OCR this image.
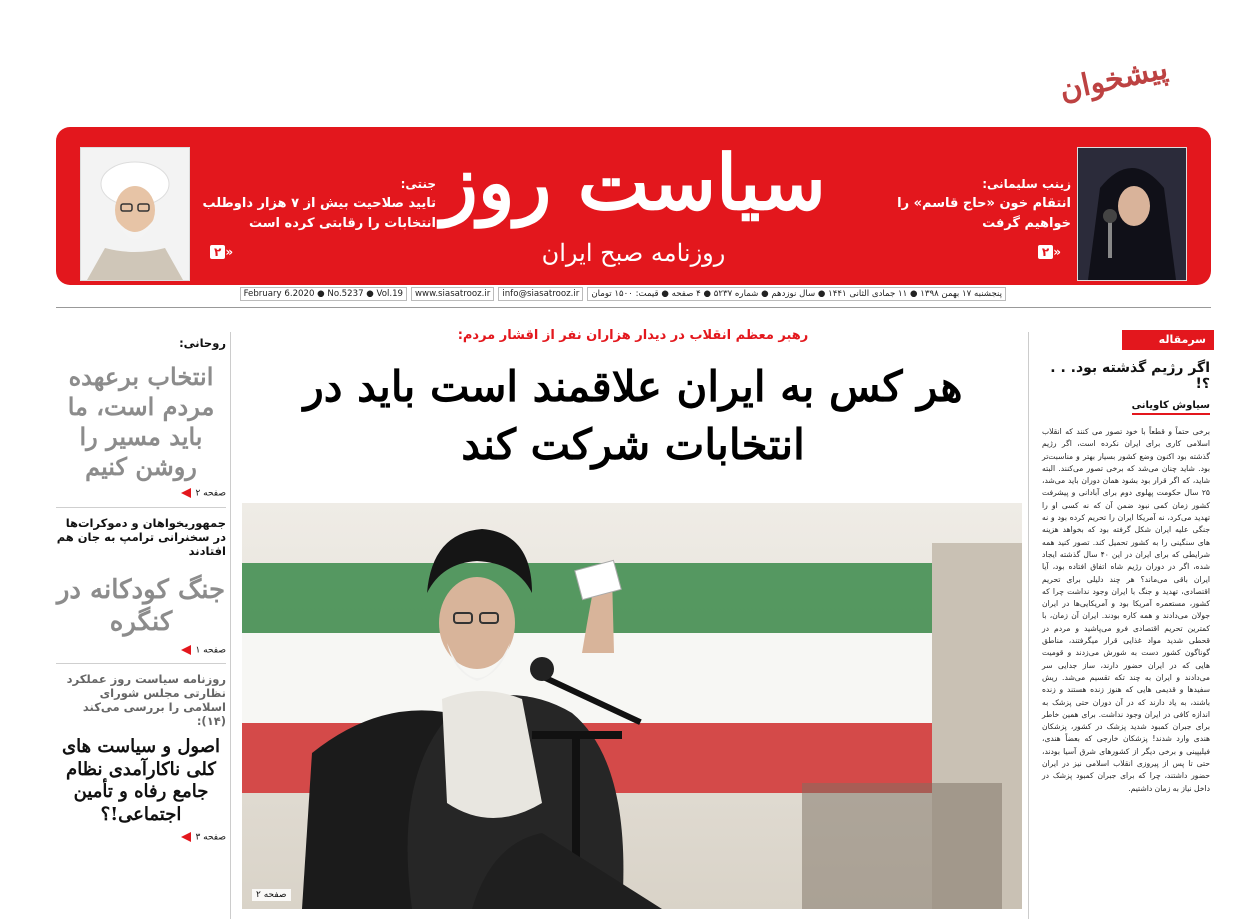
پیشخوان
سیاست روز
روزنامه صبح ایران
جنتی:
تایید صلاحیت بیش از ۷ هزار داوطلب
انتخابات را رقابتی کرده است
۲ »
زینب سلیمانی:
انتقام خون «حاج قاسم» را
خواهیم گرفت
۲ »
پنجشنبه ۱۷ بهمن ۱۳۹۸ ● ۱۱ جمادی الثانی ۱۴۴۱ ● سال نوزدهم ● شماره ۵۲۳۷ ● ۴ صفحه ● قیمت: ۱۵۰۰ تومان
info@siasatrooz.ir
www.siasatrooz.ir
February 6.2020 ● No.5237 ● Vol.19
روحانی:
انتخاب برعهده مردم است، ما باید مسیر را روشن کنیم
صفحه ۲
جمهوریخواهان و دموکرات‌ها در سخنرانی ترامپ به جان هم افتادند
جنگ کودکانه در کنگره
صفحه ۱
روزنامه سیاست روز عملکرد نظارتی مجلس شورای اسلامی را بررسی می‌کند (۱۴):
اصول و سیاست های کلی ناکارآمدی نظام جامع رفاه و تأمین اجتماعی!؟
صفحه ۳
رهبر معظم انقلاب در دیدار هزاران نفر از اقشار مردم:
هر کس به ایران علاقمند است باید در انتخابات شرکت کند
صفحه ۲
سرمقاله
اگر رژیم گذشته بود. . . ؟!
سیاوش کاویانی
برخی حتماً و قطعاً با خود تصور می کنند که انقلاب اسلامی کاری برای ایران نکرده است، اگر رژیم گذشته بود اکنون وضع کشور بسیار بهتر و مناسبت‌تر بود. شاید چنان می‌شد که برخی تصور می‌کنند. البته شاید، که اگر قرار بود بشود همان دوران باید می‌شد، ۲۵ سال حکومت پهلوی دوم برای آبادانی و پیشرفت کشور زمان کمی نبود ضمن آن که نه کسی او را تهدید می‌کرد، نه آمریکا ایران را تحریم کرده بود و نه جنگی علیه ایران شکل گرفته بود که بخواهد هزینه های سنگینی را به کشور تحمیل کند. تصور کنید همه شرایطی که برای ایران در این ۴۰ سال گذشته ایجاد شده، اگر در دوران رژیم شاه اتفاق افتاده بود، آیا ایران باقی می‌ماند؟ هر چند دلیلی برای تحریم اقتصادی، تهدید و جنگ با ایران وجود نداشت چرا که کشور، مستعمره آمریکا بود و آمریکایی‌ها در ایران جولان می‌دادند و همه کاره بودند. ایران آن زمان، با کمترین تحریم اقتصادی فرو می‌پاشید و مردم در قحطی شدید مواد غذایی قرار میگرفتند، مناطق گوناگون کشور دست به شورش می‌زدند و قومیت هایی که در ایران حضور دارند، ساز جدایی سر می‌دادند و ایران به چند تکه تقسیم می‌شد. ریش سفیدها و قدیمی هایی که هنوز زنده هستند و زنده باشند، به یاد دارند که در آن دوران حتی پزشک به اندازه کافی در ایران وجود نداشت. برای همین خاطر برای جبران کمبود شدید پزشک در کشور، پزشکان هندی وارد شدند! پزشکان خارجی که بعضاً هندی، فیلیپینی و برخی دیگر از کشورهای شرق آسیا بودند، حتی تا پس از پیروزی انقلاب اسلامی نیز در ایران حضور داشتند، چرا که برای جبران کمبود پزشک در داخل نیاز به زمان داشتیم.
